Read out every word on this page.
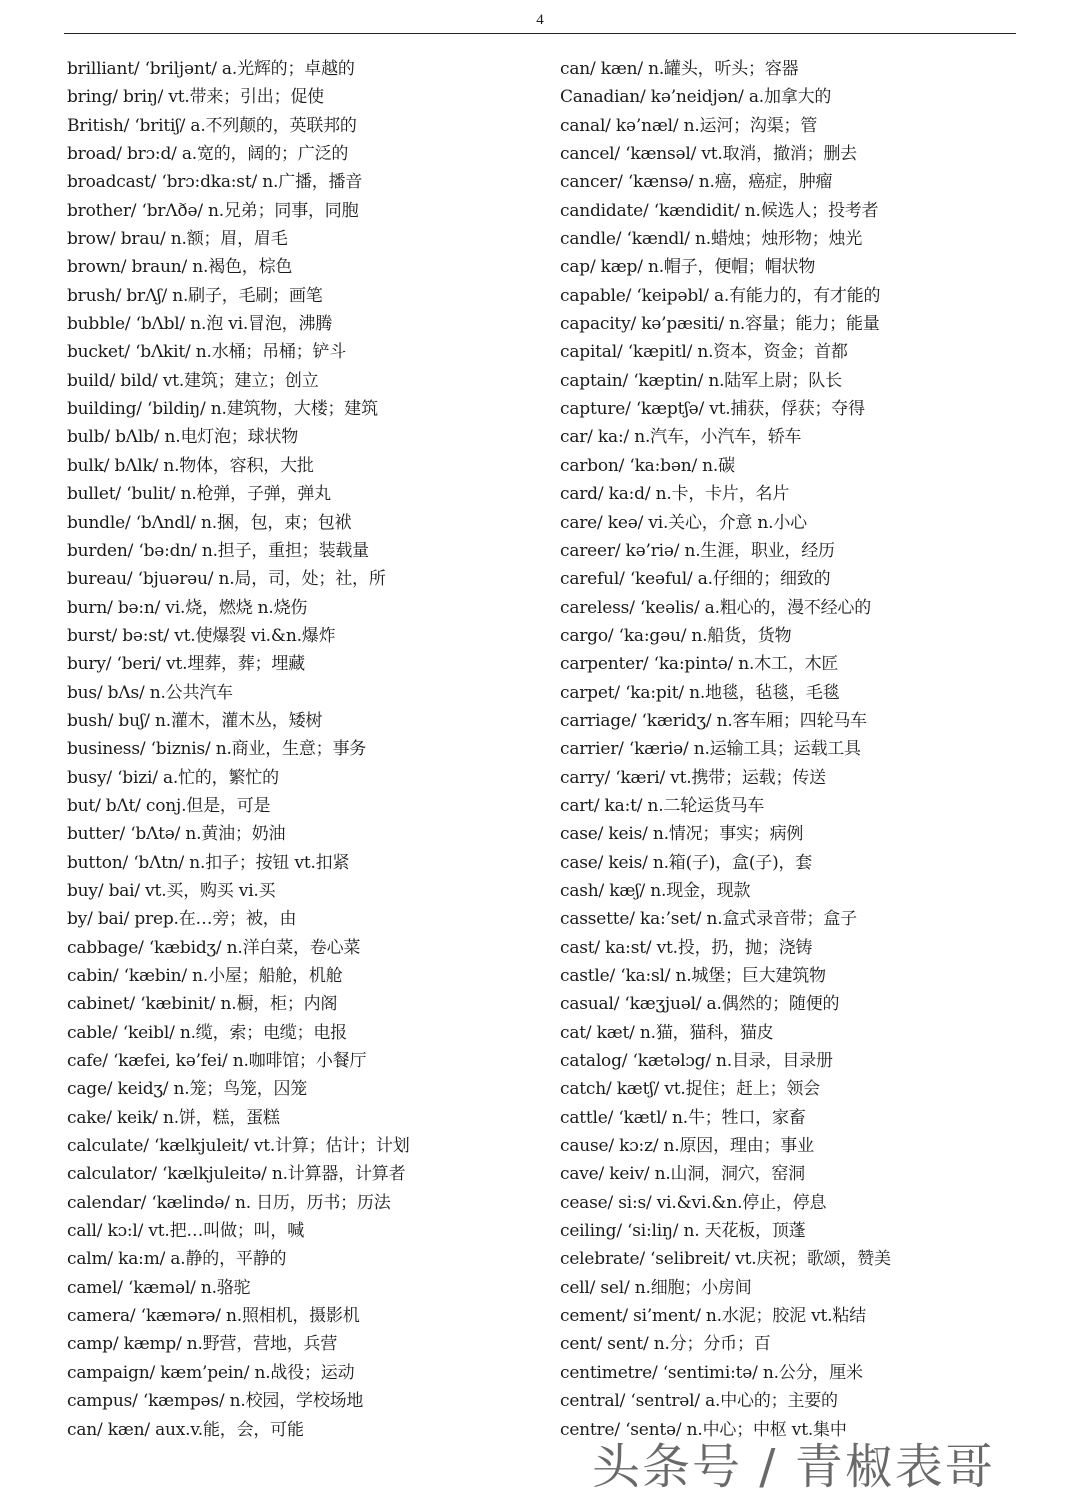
4
brilliant/ ‘briljənt/ a.光辉的；卓越的
bring/ briŋ/ vt.带来；引出；促使
British/ ‘britiʃ/ a.不列颠的，英联邦的
broad/ brɔ:d/ a.宽的，阔的；广泛的
broadcast/ ‘brɔ:dka:st/ n.广播，播音
brother/ ‘brΛðə/ n.兄弟；同事，同胞
brow/ brau/ n.额；眉，眉毛
brown/ braun/ n.褐色，棕色
brush/ brΛʃ/ n.刷子，毛刷；画笔
bubble/ ‘bΛbl/ n.泡 vi.冒泡，沸腾
bucket/ ‘bΛkit/ n.水桶；吊桶；铲斗
build/ bild/ vt.建筑；建立；创立
building/ ‘bildiŋ/ n.建筑物，大楼；建筑
bulb/ bΛlb/ n.电灯泡；球状物
bulk/ bΛlk/ n.物体，容积，大批
bullet/ ‘bulit/ n.枪弹，子弹，弹丸
bundle/ ‘bΛndl/ n.捆，包，束；包袱
burden/ ‘bə:dn/ n.担子，重担；装载量
bureau/ ‘bjuərəu/ n.局，司，处；社，所
burn/ bə:n/ vi.烧，燃烧 n.烧伤
burst/ bə:st/ vt.使爆裂 vi.&n.爆炸
bury/ ‘beri/ vt.埋葬，葬；埋藏
bus/ bΛs/ n.公共汽车
bush/ buʃ/ n.灌木，灌木丛，矮树
business/ ‘biznis/ n.商业，生意；事务
busy/ ‘bizi/ a.忙的，繁忙的
but/ bΛt/ conj.但是，可是
butter/ ‘bΛtə/ n.黄油；奶油
button/ ‘bΛtn/ n.扣子；按钮 vt.扣紧
buy/ bai/ vt.买，购买 vi.买
by/ bai/ prep.在…旁；被，由
cabbage/ ‘kæbidʒ/ n.洋白菜，卷心菜
cabin/ ‘kæbin/ n.小屋；船舱，机舱
cabinet/ ‘kæbinit/ n.橱，柜；内阁
cable/ ‘keibl/ n.缆，索；电缆；电报
cafe/ ‘kæfei, kə’fei/ n.咖啡馆；小餐厅
cage/ keidʒ/ n.笼；鸟笼，囚笼
cake/ keik/ n.饼，糕，蛋糕
calculate/ ‘kælkjuleit/ vt.计算；估计；计划
calculator/ ‘kælkjuleitə/ n.计算器，计算者
calendar/ ‘kælində/ n. 日历，历书；历法
call/ kɔ:l/ vt.把…叫做；叫，喊
calm/ ka:m/ a.静的，平静的
camel/ ‘kæməl/ n.骆驼
camera/ ‘kæmərə/ n.照相机，摄影机
camp/ kæmp/ n.野营，营地，兵营
campaign/ kæm’pein/ n.战役；运动
campus/ ‘kæmpəs/ n.校园，学校场地
can/ kæn/ aux.v.能，会，可能
can/ kæn/ n.罐头，听头；容器
Canadian/ kə’neidjən/ a.加拿大的
canal/ kə’næl/ n.运河；沟渠；管
cancel/ ‘kænsəl/ vt.取消，撤消；删去
cancer/ ‘kænsə/ n.癌，癌症，肿瘤
candidate/ ‘kændidit/ n.候选人；投考者
candle/ ‘kændl/ n.蜡烛；烛形物；烛光
cap/ kæp/ n.帽子，便帽；帽状物
capable/ ‘keipəbl/ a.有能力的，有才能的
capacity/ kə’pæsiti/ n.容量；能力；能量
capital/ ‘kæpitl/ n.资本，资金；首都
captain/ ‘kæptin/ n.陆军上尉；队长
capture/ ‘kæptʃə/ vt.捕获，俘获；夺得
car/ ka:/ n.汽车，小汽车，轿车
carbon/ ‘ka:bən/ n.碳
card/ ka:d/ n.卡，卡片，名片
care/ keə/ vi.关心，介意 n.小心
career/ kə’riə/ n.生涯，职业，经历
careful/ ‘keəful/ a.仔细的；细致的
careless/ ‘keəlis/ a.粗心的，漫不经心的
cargo/ ‘ka:gəu/ n.船货，货物
carpenter/ ‘ka:pintə/ n.木工，木匠
carpet/ ‘ka:pit/ n.地毯，毡毯，毛毯
carriage/ ‘kæridʒ/ n.客车厢；四轮马车
carrier/ ‘kæriə/ n.运输工具；运载工具
carry/ ‘kæri/ vt.携带；运载；传送
cart/ ka:t/ n.二轮运货马车
case/ keis/ n.情况；事实；病例
case/ keis/ n.箱(子)，盒(子)，套
cash/ kæʃ/ n.现金，现款
cassette/ ka:’set/ n.盒式录音带；盒子
cast/ ka:st/ vt.投，扔，抛；浇铸
castle/ ‘ka:sl/ n.城堡；巨大建筑物
casual/ ‘kæʒjuəl/ a.偶然的；随便的
cat/ kæt/ n.猫，猫科，猫皮
catalog/ ‘kætəlɔg/ n.目录，目录册
catch/ kætʃ/ vt.捉住；赶上；领会
cattle/ ‘kætl/ n.牛；牲口，家畜
cause/ kɔ:z/ n.原因，理由；事业
cave/ keiv/ n.山洞，洞穴，窑洞
cease/ si:s/ vi.&vi.&n.停止，停息
ceiling/ ‘si:liŋ/ n. 天花板，顶蓬
celebrate/ ‘selibreit/ vt.庆祝；歌颂，赞美
cell/ sel/ n.细胞；小房间
cement/ si’ment/ n.水泥；胶泥 vt.粘结
cent/ sent/ n.分；分币；百
centimetre/ ‘sentimi:tə/ n.公分，厘米
central/ ‘sentrəl/ a.中心的；主要的
centre/ ‘sentə/ n.中心；中枢 vt.集中
头条号 / 青椒表哥
